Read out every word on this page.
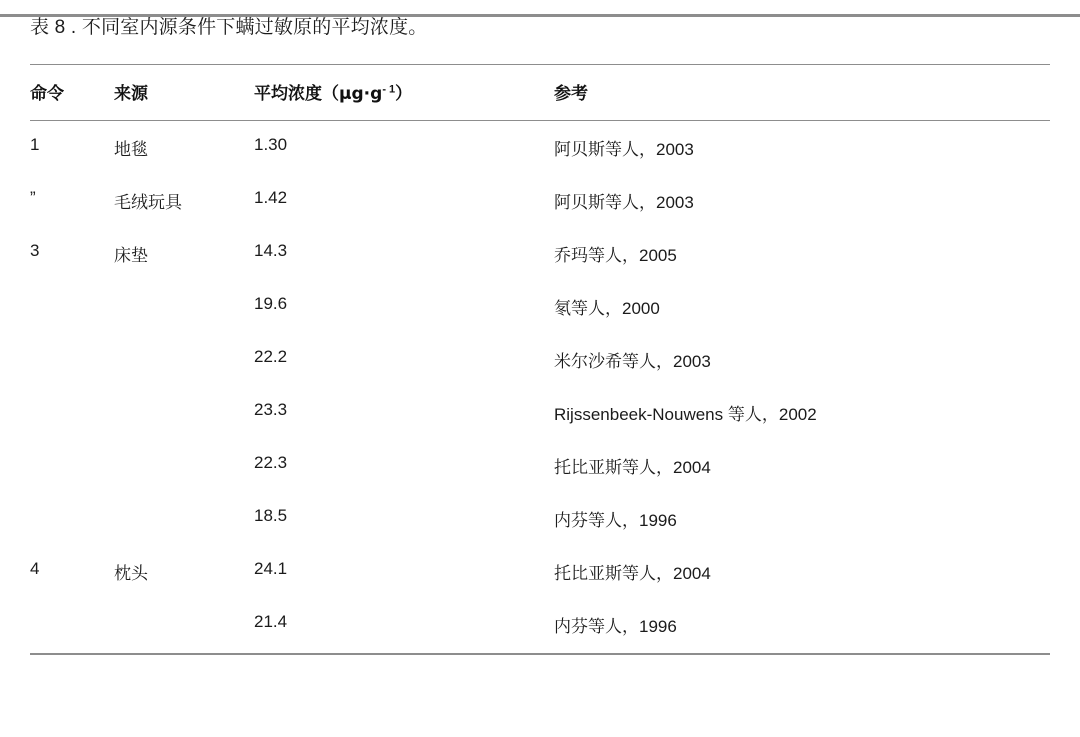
表 8 . 不同室内源条件下螨过敏原的平均浓度。
命令	来源	平均浓度$(\mu g\cdot g^{- 1})$	参考
1	地毯	1.30	阿贝斯等人，2003
”	毛绒玩具	1.42	阿贝斯等人，2003
3	床垫	14.3	乔玛等人，2005
		19.6	氡等人，2000
		22.2	米尔沙希等人，2003
		23.3	Rijssenbeek-Nouwens 等人，2002
		22.3	托比亚斯等人，2004
		18.5	内芬等人，1996
4	枕头	24.1	托比亚斯等人，2004
		21.4	内芬等人，1996
